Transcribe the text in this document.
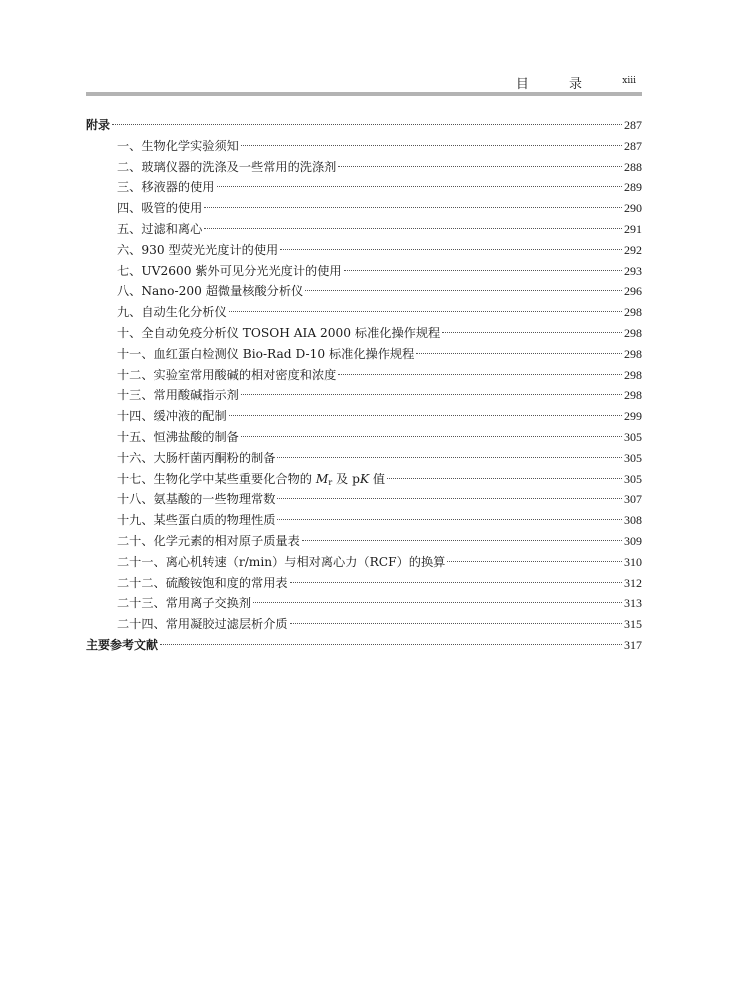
目 录 xiii
附录	287
一、生物化学实验须知	287
二、玻璃仪器的洗涤及一些常用的洗涤剂	288
三、移液器的使用	289
四、吸管的使用	290
五、过滤和离心	291
六、930 型荧光光度计的使用	292
七、UV2600 紫外可见分光光度计的使用	293
八、Nano-200 超微量核酸分析仪	296
九、自动生化分析仪	298
十、全自动免疫分析仪 TOSOH AIA 2000 标准化操作规程	298
十一、血红蛋白检测仪 Bio-Rad D-10 标准化操作规程	298
十二、实验室常用酸碱的相对密度和浓度	298
十三、常用酸碱指示剂	298
十四、缓冲液的配制	299
十五、恒沸盐酸的制备	305
十六、大肠杆菌丙酮粉的制备	305
十七、生物化学中某些重要化合物的 $M_r$ 及 pK 值	305
十八、氨基酸的一些物理常数	307
十九、某些蛋白质的物理性质	308
二十、化学元素的相对原子质量表	309
二十一、离心机转速（r/min）与相对离心力（RCF）的换算	310
二十二、硫酸铵饱和度的常用表	312
二十三、常用离子交换剂	313
二十四、常用凝胶过滤层析介质	315
主要参考文献	317
